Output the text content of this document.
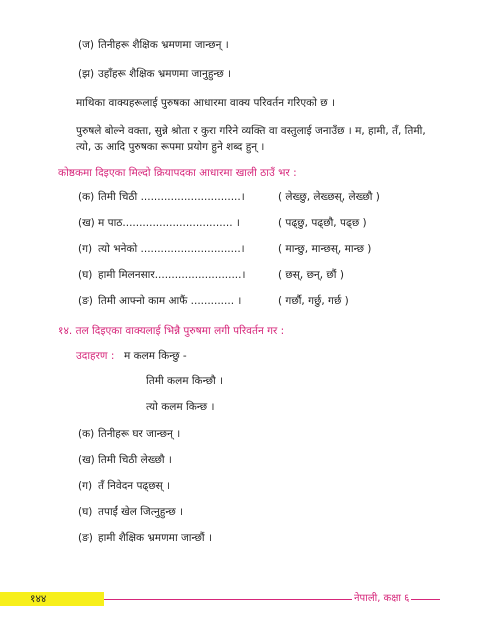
(ज) तिनीहरू शैक्षिक भ्रमणमा जान्छन् ।
(झ) उहाँहरू शैक्षिक भ्रमणमा जानुहुन्छ ।
माथिका वाक्यहरूलाई पुरुषका आधारमा वाक्य परिवर्तन गरिएको छ ।
पुरुषले बोल्ने वक्ता, सुन्ने श्रोता र कुरा गरिने व्यक्ति वा वस्तुलाई जनाउँछ । म, हामी, तँ, तिमी, त्यो, ऊ आदि पुरुषका रूपमा प्रयोग हुने शब्द हुन् ।
कोष्ठकमा दिइएका मिल्दो क्रियापदका आधारमा खाली ठाउँ भर :
(क) तिमी चिठी ..............................।	( लेख्छु, लेख्छस्, लेख्छौ )
(ख) म पाठ................................. ।	( पढ्छु, पढ्छौ, पढ्छ )
(ग) त्यो भनेको ..............................।	( मान्छु, मान्छस्, मान्छ )
(घ) हामी मिलनसार..........................।	( छस्, छन्, छौं )
(ङ) तिमी आफ्नो काम आफैं ............. ।	( गर्छौ, गर्छु, गर्छ )
१४. तल दिइएका वाक्यलाई भिन्नै पुरुषमा लगी परिवर्तन गर :
उदाहरण : म कलम किन्छु -
तिमी कलम किन्छौ ।
त्यो कलम किन्छ ।
(क) तिनीहरू घर जान्छन् ।
(ख) तिमी चिठी लेख्छौ ।
(ग) तँ निवेदन पढ्छस् ।
(घ) तपाईं खेल जित्नुहुन्छ ।
(ङ) हामी शैक्षिक भ्रमणमा जान्छौं ।
१४४	नेपाली, कक्षा ६
